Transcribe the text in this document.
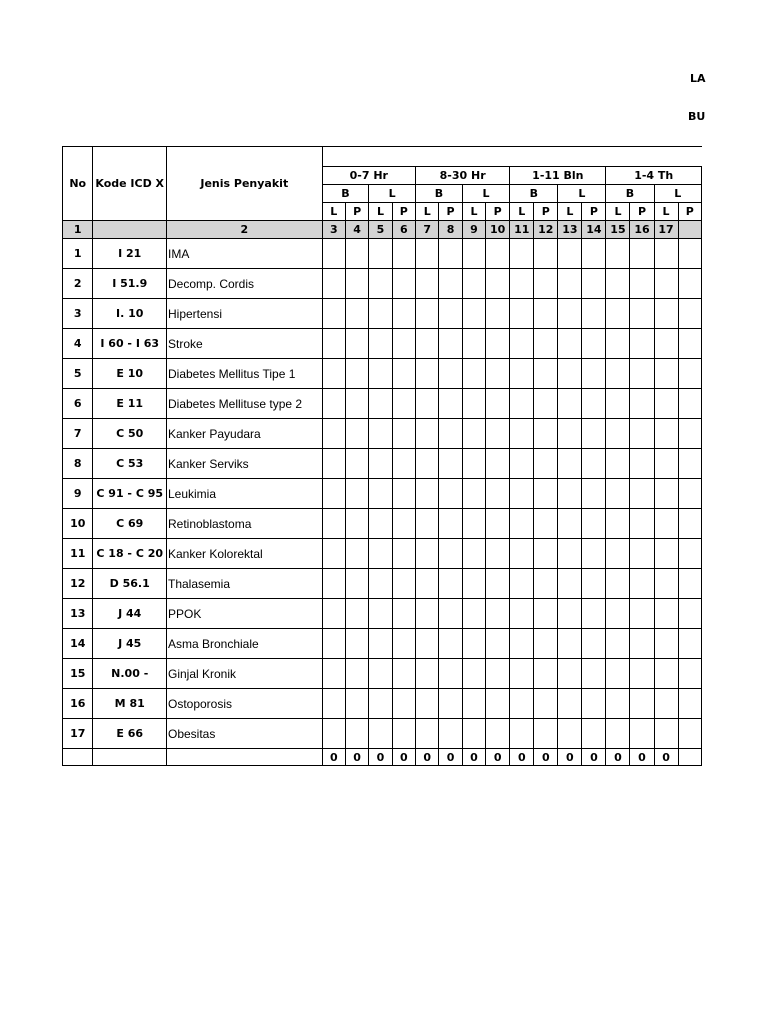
LA
BU
No	Kode ICD X	Jenis Penyakit																
			0-7 Hr				8-30 Hr				1-11 Bln				1-4 Th			
			B		L		B		L		B		L		B		L	
			L	P	L	P	L	P	L	P	L	P	L	P	L	P	L	P
1		2	3	4	5	6	7	8	9	10	11	12	13	14	15	16	17	
1	I 21	IMA																
2	I 51.9	Decomp. Cordis																
3	I. 10	Hipertensi																
4	I 60 - I 63	Stroke																
5	E 10	Diabetes Mellitus Tipe 1																
6	E 11	Diabetes Mellituse type 2																
7	C 50	Kanker Payudara																
8	C 53	Kanker Serviks																
9	C 91 - C 95	Leukimia																
10	C 69	Retinoblastoma																
11	C 18 - C 20	Kanker Kolorektal																
12	D 56.1	Thalasemia																
13	J 44	PPOK																
14	J 45	Asma Bronchiale																
15	N.00 -	Ginjal Kronik																
16	M 81	Ostoporosis																
17	E 66	Obesitas																
			0	0	0	0	0	0	0	0	0	0	0	0	0	0	0	
